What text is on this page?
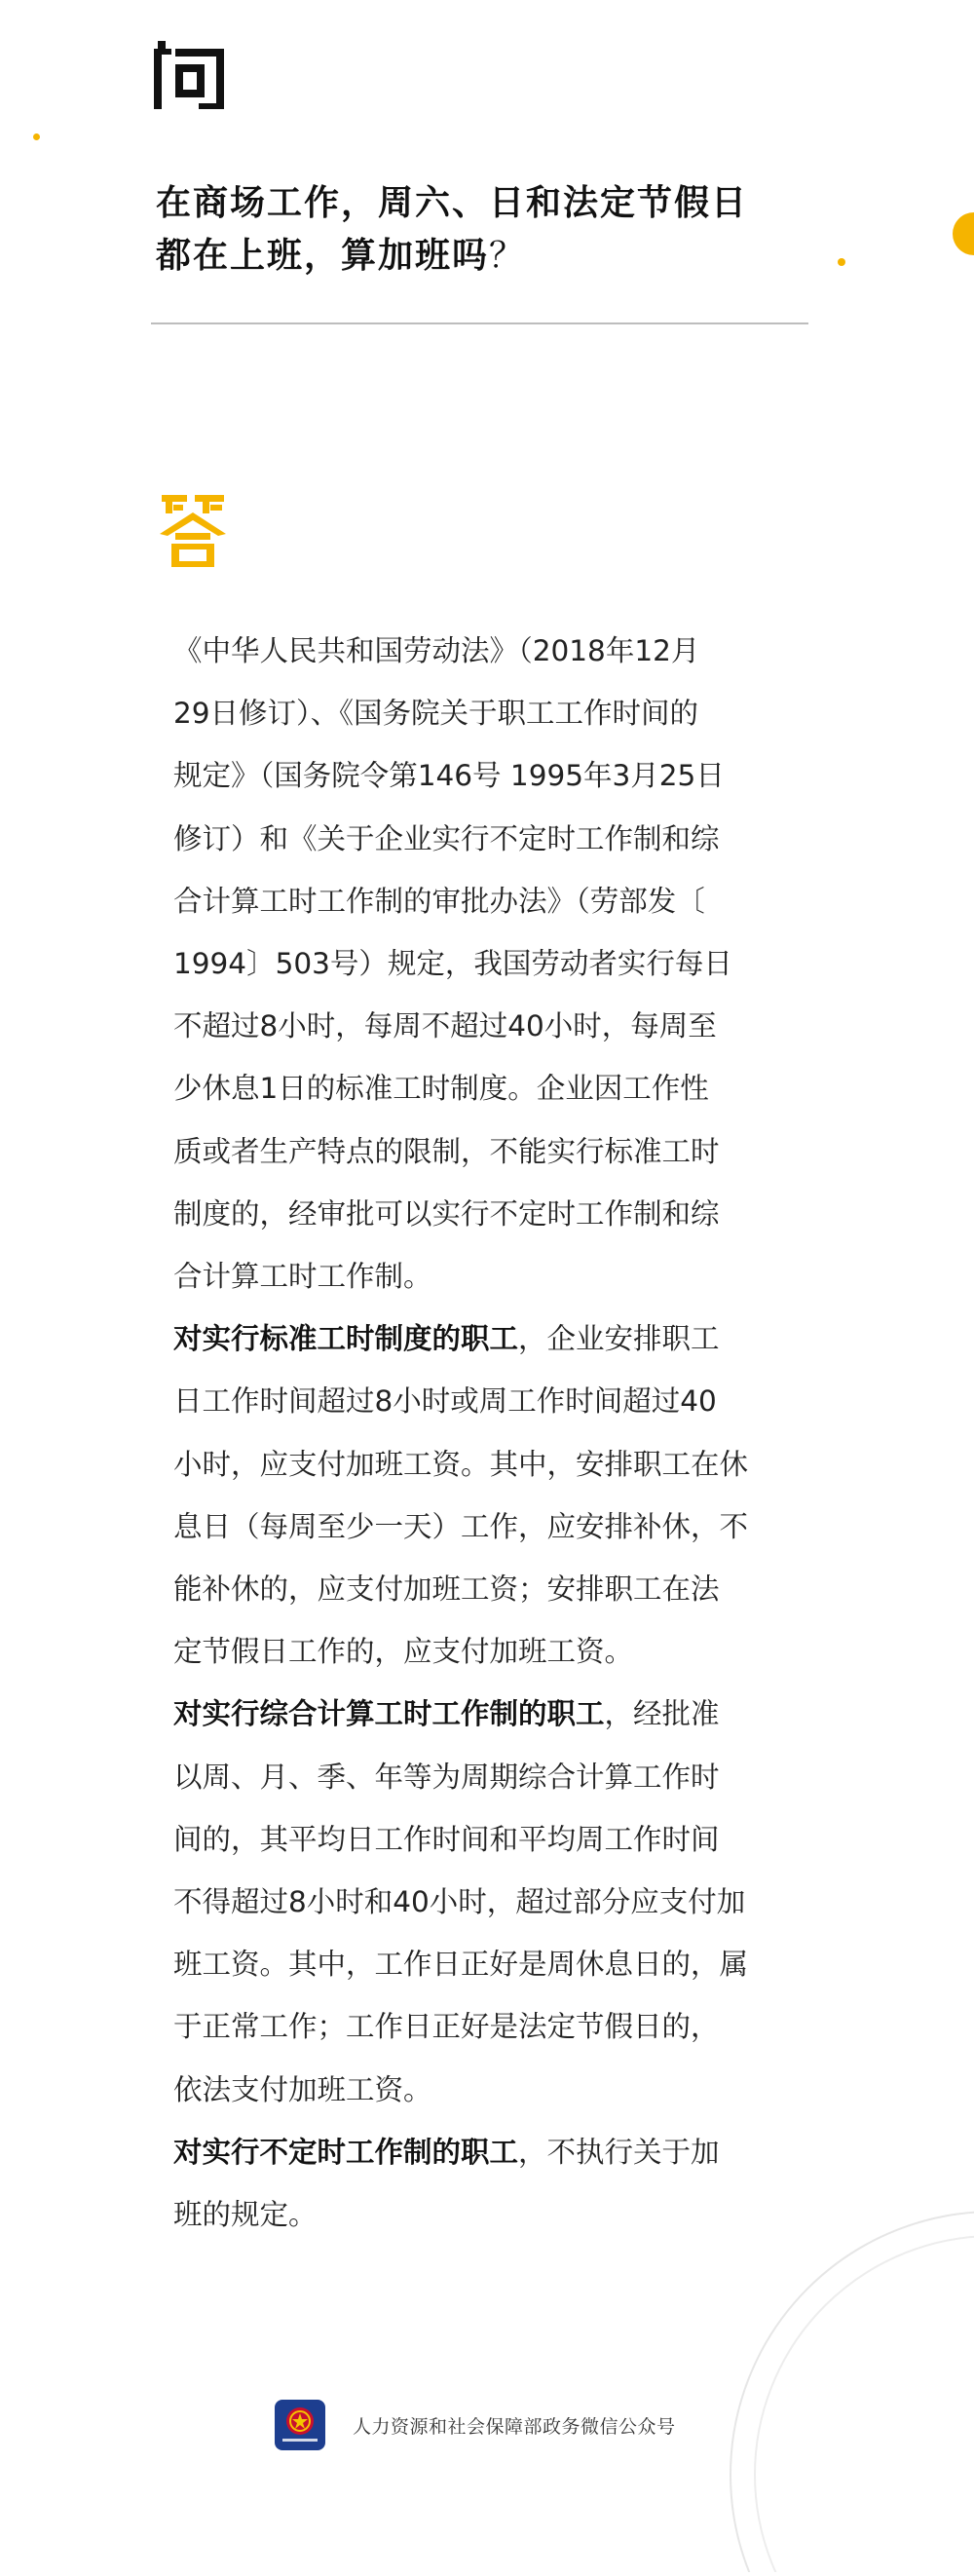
在商场工作，周六、日和法定节假日
都在上班，算加班吗？

《中华人民共和国劳动法》（2018年12月
29日修订）、《国务院关于职工工作时间的
规定》（国务院令第146号 1995年3月25日
修订）和《关于企业实行不定时工作制和综
合计算工时工作制的审批办法》（劳部发〔
1994〕503号）规定，我国劳动者实行每日
不超过8小时，每周不超过40小时，每周至
少休息1日的标准工时制度。企业因工作性
质或者生产特点的限制，不能实行标准工时
制度的，经审批可以实行不定时工作制和综
合计算工时工作制。

对实行标准工时制度的职工，企业安排职工
日工作时间超过8小时或周工作时间超过40
小时，应支付加班工资。其中，安排职工在休
息日（每周至少一天）工作，应安排补休，不
能补休的，应支付加班工资；安排职工在法
定节假日工作的，应支付加班工资。

对实行综合计算工时工作制的职工，经批准
以周、月、季、年等为周期综合计算工作时
间的，其平均日工作时间和平均周工作时间
不得超过8小时和40小时，超过部分应支付加
班工资。其中，工作日正好是周休息日的，属
于正常工作；工作日正好是法定节假日的，
依法支付加班工资。

对实行不定时工作制的职工，不执行关于加
班的规定。

人力资源和社会保障部政务微信公众号
